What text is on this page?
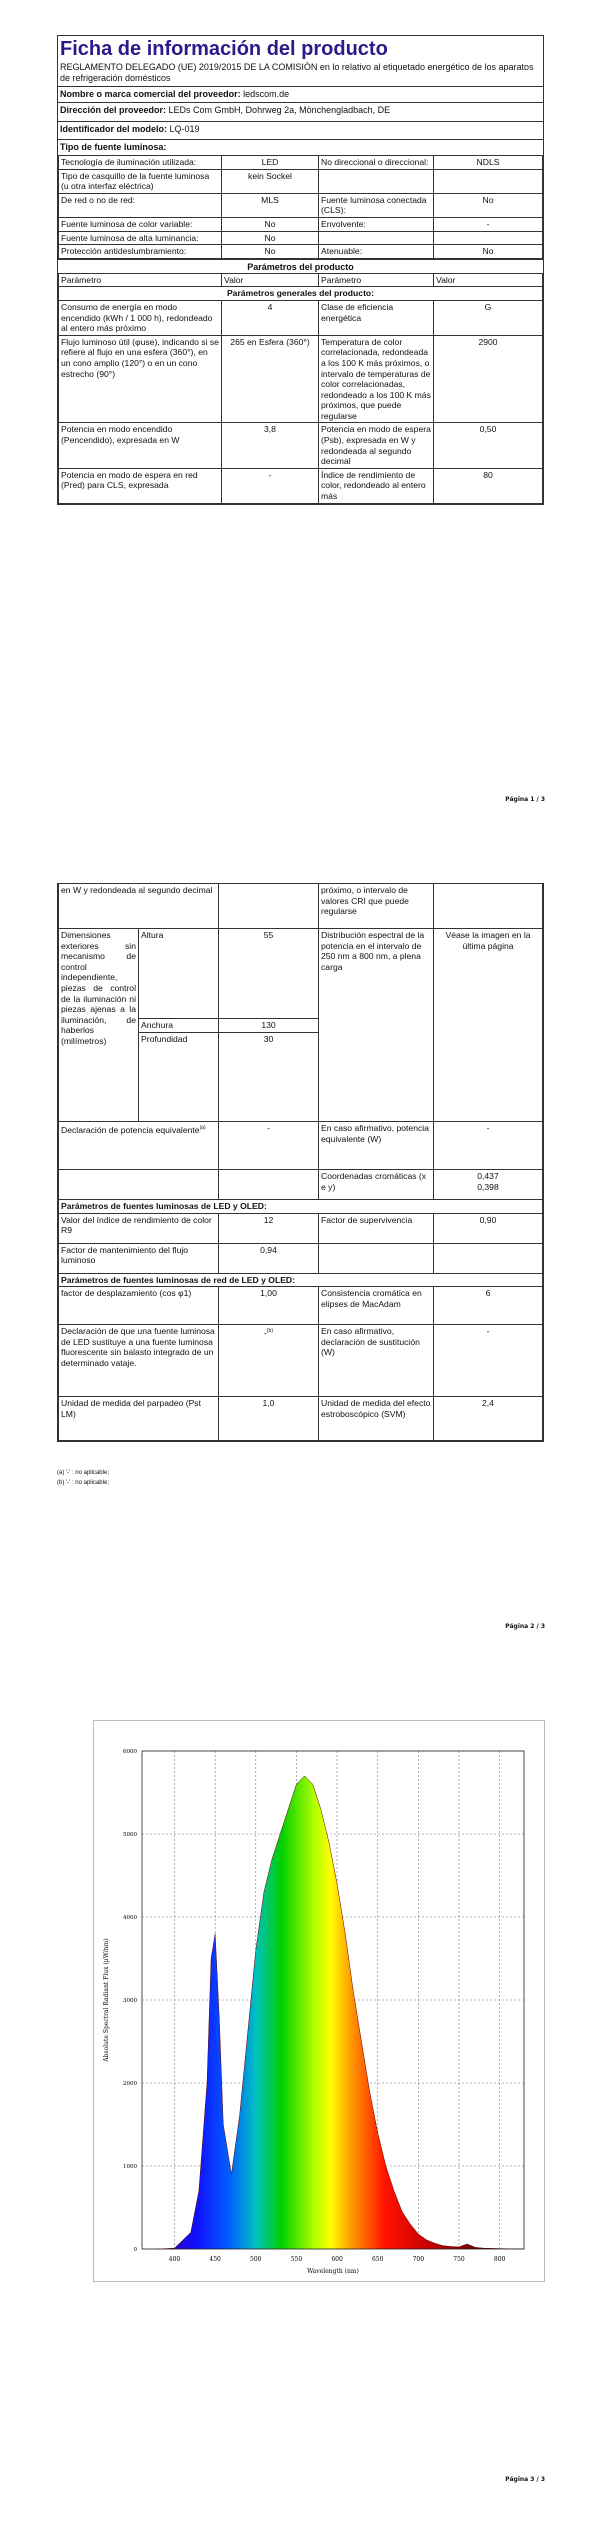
Ficha de información del producto
REGLAMENTO DELEGADO (UE) 2019/2015 DE LA COMISIÓN en lo relativo al etiquetado energético de los aparatos de refrigeración domésticos
Nombre o marca comercial del proveedor: ledscom.de
Dirección del proveedor: LEDs Com GmbH, Dohrweg 2a, Mönchengladbach, DE
Identificador del modelo: LQ-019
Tipo de fuente luminosa:
Tecnología de iluminación utilizada:	LED	No direccional o direccional:	NDLS
Tipo de casquillo de la fuente luminosa
(u otra interfaz eléctrica)	kein Sockel		
De red o no de red:	MLS	Fuente luminosa conectada (CLS):	No
Fuente luminosa de color variable:	No	Envolvente:	-
Fuente luminosa de alta luminancia:	No		
Protección antideslumbramiento:	No	Atenuable:	No
Parámetros del producto
Parámetro	Valor	Parámetro	Valor
Parámetros generales del producto:			
Consumo de energía en modo encendido (kWh / 1 000 h), redondeado al entero más próximo	4	Clase de eficiencia energética	G
Flujo luminoso útil (φuse), indicando si se refiere al flujo en una esfera (360°), en un cono amplio (120°) o en un cono estrecho (90°)	265 en Esfera (360°)	Temperatura de color correlacionada, redondeada a los 100 K más próximos, o intervalo de temperaturas de color correlacionadas, redondeado a los 100 K más próximos, que puede regularse	2900
Potencia en modo encendido (Pencendido), expresada en W	3,8	Potencia en modo de espera (Psb), expresada en W y redondeada al segundo decimal	0,50
Potencia en modo de espera en red (Pred) para CLS, expresada	-	Índice de rendimiento de color, redondeado al entero más	80
Página 1 / 3
en W y redondeada al segundo decimal			próximo, o intervalo de valores CRI que puede regularse	
Dimensiones exteriores sin mecanismo de control independiente, piezas de control de la iluminación ni piezas ajenas a la iluminación, de haberlos (milímetros)	Altura	55	Distribución espectral de la potencia en el intervalo de 250 nm a 800 nm, a plena carga	Véase la imagen en la última página
	Anchura	130		
	Profundidad	30		
Declaración de potencia equivalente$^{(a)}$		-	En caso afirmativo, potencia equivalente (W)	-
			Coordenadas cromáticas (x e y)	0,437
0,398
Parámetros de fuentes luminosas de LED y OLED:				
Valor del índice de rendimiento de color R9		12	Factor de supervivencia	0,90
Factor de mantenimiento del flujo luminoso		0,94		
Parámetros de fuentes luminosas de red de LED y OLED:				
factor de desplazamiento (cos φ1)		1,00	Consistencia cromática en elipses de MacAdam	6
Declaración de que una fuente luminosa de LED sustituye a una fuente luminosa fluorescente sin balasto integrado de un determinado vataje.		-$^{(b)}$	En caso afirmativo, declaración de sustitución (W)	-
Unidad de medida del parpadeo (Pst LM)		1,0	Unidad de medida del efecto estroboscópico (SVM)	2,4
(a) '-' : no aplicable;
(b) '-' : no aplicable;
Página 2 / 3
400	450	500	550	600	650	700	750	800
0
1000
2000
3000
4000
5000
6000
Wavelength (nm)
Absolute Spectral Radiant Flux (μW/nm)
Página 3 / 3
